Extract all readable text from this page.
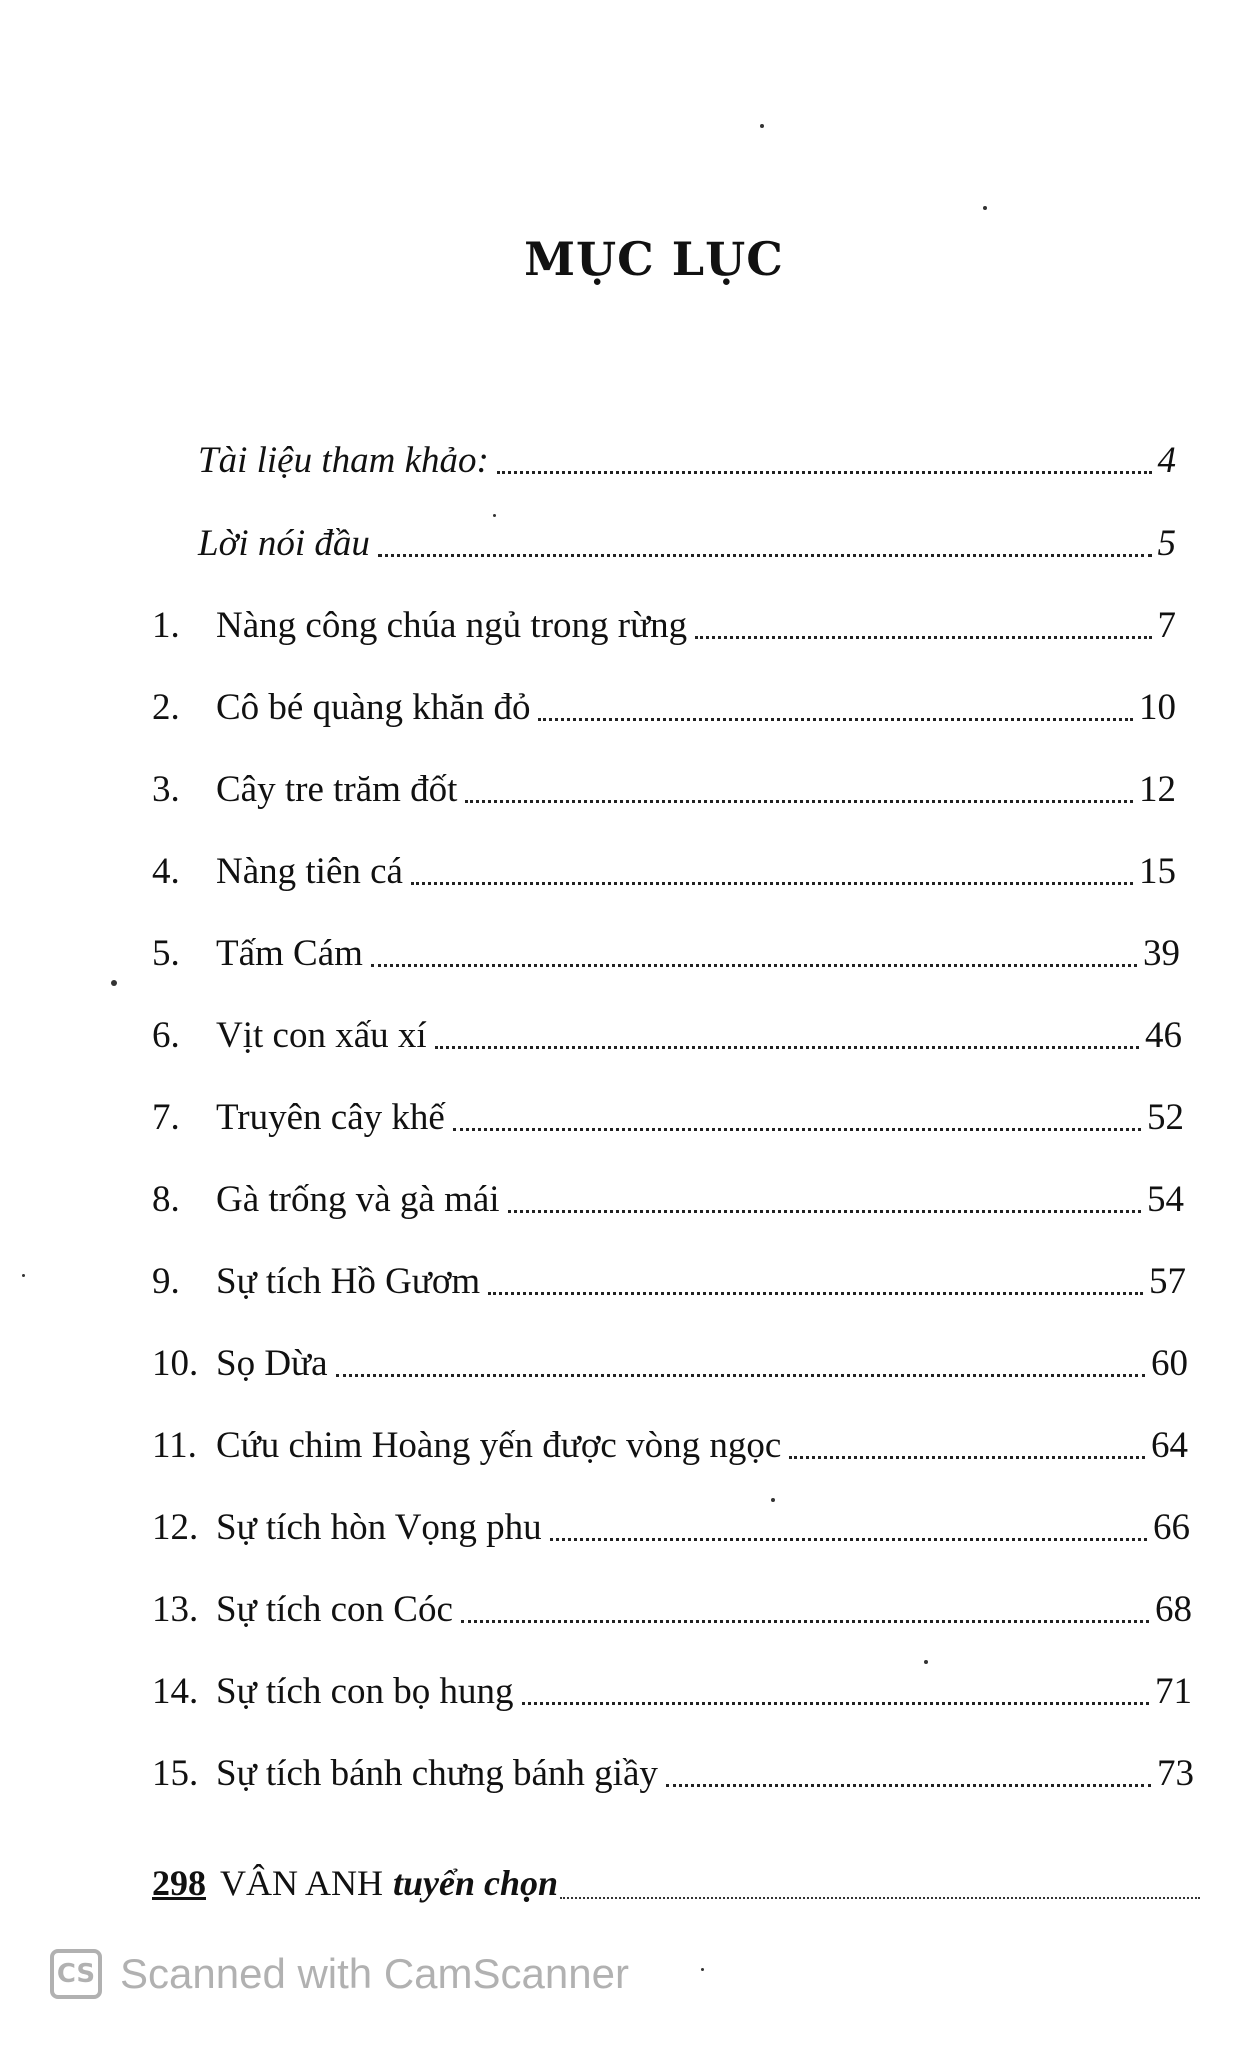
MỤC LỤC
Tài liệu tham khảo:	4
Lời nói đầu	5
1. Nàng công chúa ngủ trong rừng	7
2. Cô bé quàng khăn đỏ	10
3. Cây tre trăm đốt	12
4. Nàng tiên cá	15
5. Tấm Cám	39
6. Vịt con xấu xí	46
7. Truyên cây khế	52
8. Gà trống và gà mái	54
9. Sự tích Hồ Gươm	57
10. Sọ Dừa	60
11. Cứu chim Hoàng yến được vòng ngọc	64
12. Sự tích hòn Vọng phu	66
13. Sự tích con Cóc	68
14. Sự tích con bọ hung	71
15. Sự tích bánh chưng bánh giầy	73
298 VÂN ANH tuyển chọn
CS Scanned with CamScanner
